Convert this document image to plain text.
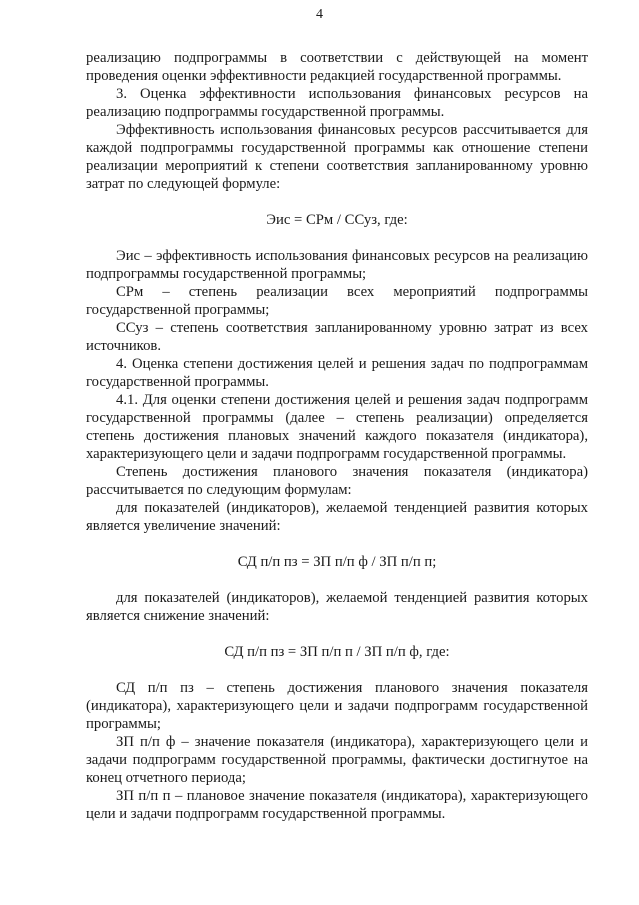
4

реализацию подпрограммы в соответствии с действующей на момент проведения оценки эффективности редакцией государственной программы.

3. Оценка эффективности использования финансовых ресурсов на реализацию подпрограммы государственной программы.

Эффективность использования финансовых ресурсов рассчитывается для каждой подпрограммы государственной программы как отношение степени реализации мероприятий к степени соответствия запланированному уровню затрат по следующей формуле:

Эис = СРм / ССуз, где:

Эис – эффективность использования финансовых ресурсов на реализацию подпрограммы государственной программы;

СРм – степень реализации всех мероприятий подпрограммы государственной программы;

ССуз – степень соответствия запланированному уровню затрат из всех источников.

4. Оценка степени достижения целей и решения задач по подпрограммам государственной программы.

4.1. Для оценки степени достижения целей и решения задач подпрограмм государственной программы (далее – степень реализации) определяется степень достижения плановых значений каждого показателя (индикатора), характеризующего цели и задачи подпрограмм государственной программы.

Степень достижения планового значения показателя (индикатора) рассчитывается по следующим формулам:

для показателей (индикаторов), желаемой тенденцией развития которых является увеличение значений:

СД п/п пз = ЗП п/п ф / ЗП п/п п;

для показателей (индикаторов), желаемой тенденцией развития которых является снижение значений:

СД п/п пз = ЗП п/п п / ЗП п/п ф, где:

СД п/п пз – степень достижения планового значения показателя (индикатора), характеризующего цели и задачи подпрограмм государственной программы;

ЗП п/п ф – значение показателя (индикатора), характеризующего цели и задачи подпрограмм государственной программы, фактически достигнутое на конец отчетного периода;

ЗП п/п п – плановое значение показателя (индикатора), характеризующего цели и задачи подпрограмм государственной программы.
